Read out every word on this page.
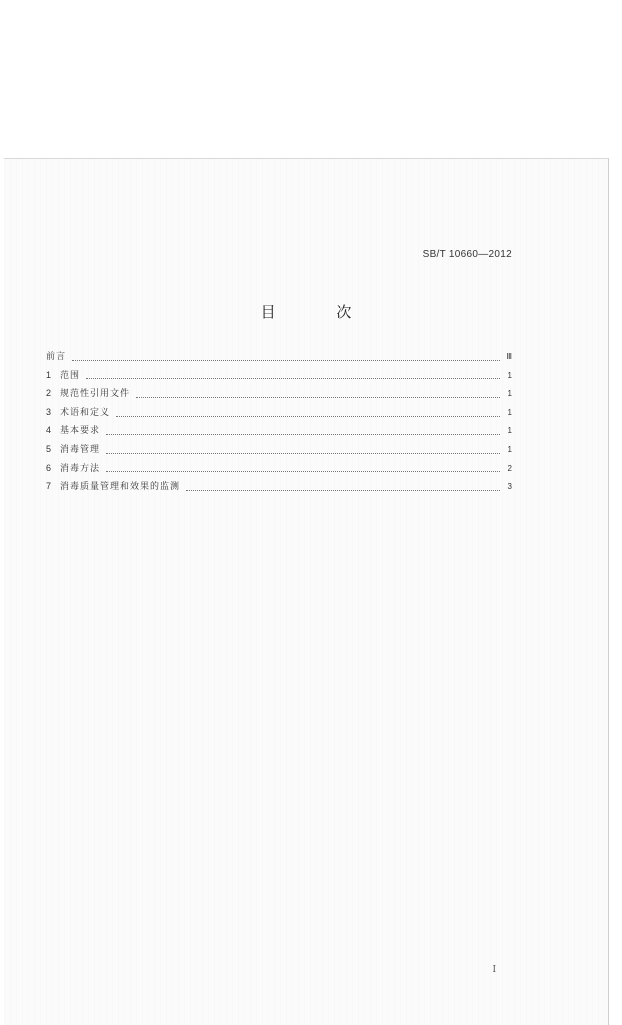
SB/T 10660—2012
目 次
前言	Ⅲ
1 范围	1
2 规范性引用文件	1
3 术语和定义	1
4 基本要求	1
5 消毒管理	1
6 消毒方法	2
7 消毒质量管理和效果的监测	3
I
